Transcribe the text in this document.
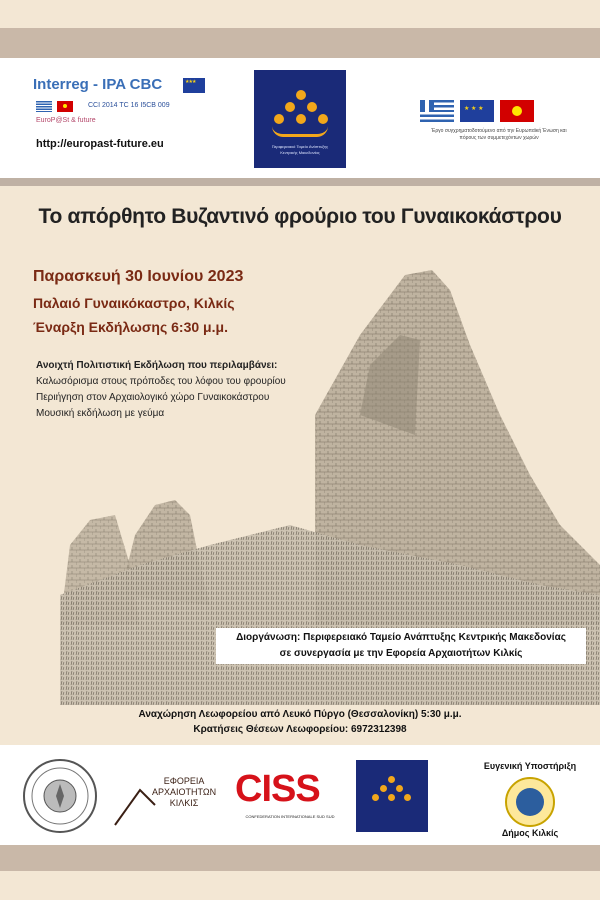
Interreg - IPA CBC
★★★
CCI 2014 TC 16 I5CB 009
EuroP@St & future
http://europast-future.eu	Περιφερειακό Ταμείο Ανάπτυξης Κεντρικής Μακεδονίας
★ ★ ★
Έργο συγχρηματοδοτούμενο από την Ευρωπαϊκή Ένωση και πόρους των συμμετεχόντων χωρών
Το απόρθητο Βυζαντινό φρούριο του Γυναικοκάστρου
Παρασκευή 30 Ιουνίου 2023
Παλαιό Γυναικόκαστρο, Κιλκίς
Έναρξη Εκδήλωσης 6:30 μ.μ.
Ανοιχτή Πολιτιστική Εκδήλωση που περιλαμβάνει:
Καλωσόρισμα στους πρόποδες του λόφου του φρουρίου
Περιήγηση στον Αρχαιολογικό χώρο Γυναικοκάστρου
Μουσική εκδήλωση με γεύμα
Διοργάνωση: Περιφερειακό Ταμείο Ανάπτυξης Κεντρικής Μακεδονίας
σε συνεργασία με την Εφορεία Αρχαιοτήτων Κιλκίς
Αναχώρηση Λεωφορείου από Λευκό Πύργο (Θεσσαλονίκη) 5:30 μ.μ.
Κρατήσεις Θέσεων Λεωφορείου: 6972312398
ΕΦΟΡΕΙΑ
ΑΡΧΑΙΟΤΗΤΩΝ
ΚΙΛΚΙΣ CISS
CONFEDERATION INTERNATIONALE SUD SUD
Ευγενική Υποστήριξη
Δήμος Κιλκίς
